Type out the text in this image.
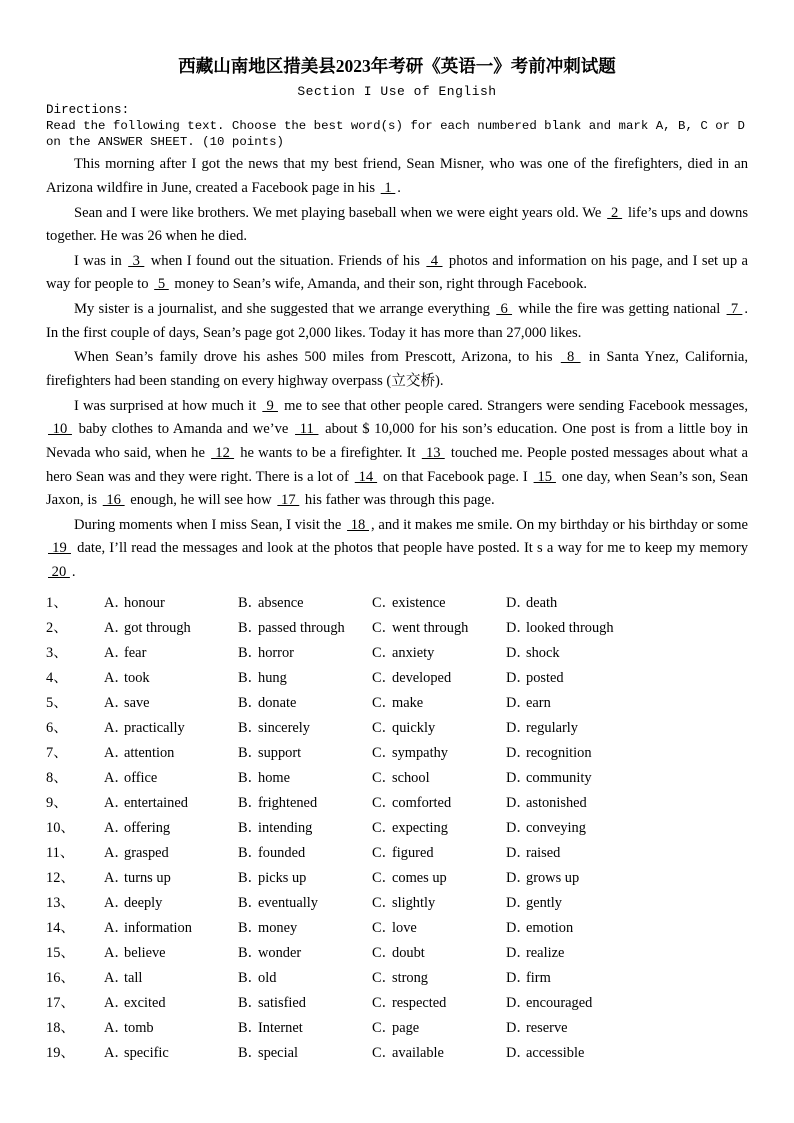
西藏山南地区措美县2023年考研《英语一》考前冲刺试题
Section I Use of English
Directions:
Read the following text. Choose the best word(s) for each numbered blank and mark A, B, C or D on the ANSWER SHEET. (10 points)

This morning after I got the news that my best friend, Sean Misner, who was one of the firefighters, died in an Arizona wildfire in June, created a Facebook page in his  1 .

Sean and I were like brothers. We met playing baseball when we were eight years old. We  2  life’s ups and downs together. He was 26 when he died.

I was in  3  when I found out the situation. Friends of his  4  photos and information on his page, and I set up a way for people to  5  money to Sean’s wife, Amanda, and their son, right through Facebook.

My sister is a journalist, and she suggested that we arrange everything  6  while the fire was getting national  7 . In the first couple of days, Sean’s page got 2,000 likes. Today it has more than 27,000 likes.

When Sean’s family drove his ashes 500 miles from Prescott, Arizona, to his  8  in Santa Ynez, California, firefighters had been standing on every highway overpass (立交桥).

I was surprised at how much it  9  me to see that other people cared. Strangers were sending Facebook messages,  10  baby clothes to Amanda and we’ve  11  about $ 10,000 for his son’s education. One post is from a little boy in Nevada who said, when he  12  he wants to be a firefighter. It  13  touched me. People posted messages about what a hero Sean was and they were right. There is a lot of  14  on that Facebook page. I  15  one day, when Sean’s son, Sean Jaxon, is  16  enough, he will see how  17  his father was through this page.

During moments when I miss Sean, I visit the  18 , and it makes me smile. On my birthday or his birthday or some  19  date, I’ll read the messages and look at the photos that people have posted. It s a way for me to keep my memory  20 .

1、	A．honour	B．absence	C．existence	D．death
2、	A．got through	B．passed through	C．went through	D．looked through
3、	A．fear	B．horror	C．anxiety	D．shock
4、	A．took	B．hung	C．developed	D．posted
5、	A．save	B．donate	C．make	D．earn
6、	A．practically	B．sincerely	C．quickly	D．regularly
7、	A．attention	B．support	C．sympathy	D．recognition
8、	A．office	B．home	C．school	D．community
9、	A．entertained	B．frightened	C．comforted	D．astonished
10、	A．offering	B．intending	C．expecting	D．conveying
11、	A．grasped	B．founded	C．figured	D．raised
12、	A．turns up	B．picks up	C．comes up	D．grows up
13、	A．deeply	B．eventually	C．slightly	D．gently
14、	A．information	B．money	C．love	D．emotion
15、	A．believe	B．wonder	C．doubt	D．realize
16、	A．tall	B．old	C．strong	D．firm
17、	A．excited	B．satisfied	C．respected	D．encouraged
18、	A．tomb	B．Internet	C．page	D．reserve
19、	A．specific	B．special	C．available	D．accessible
